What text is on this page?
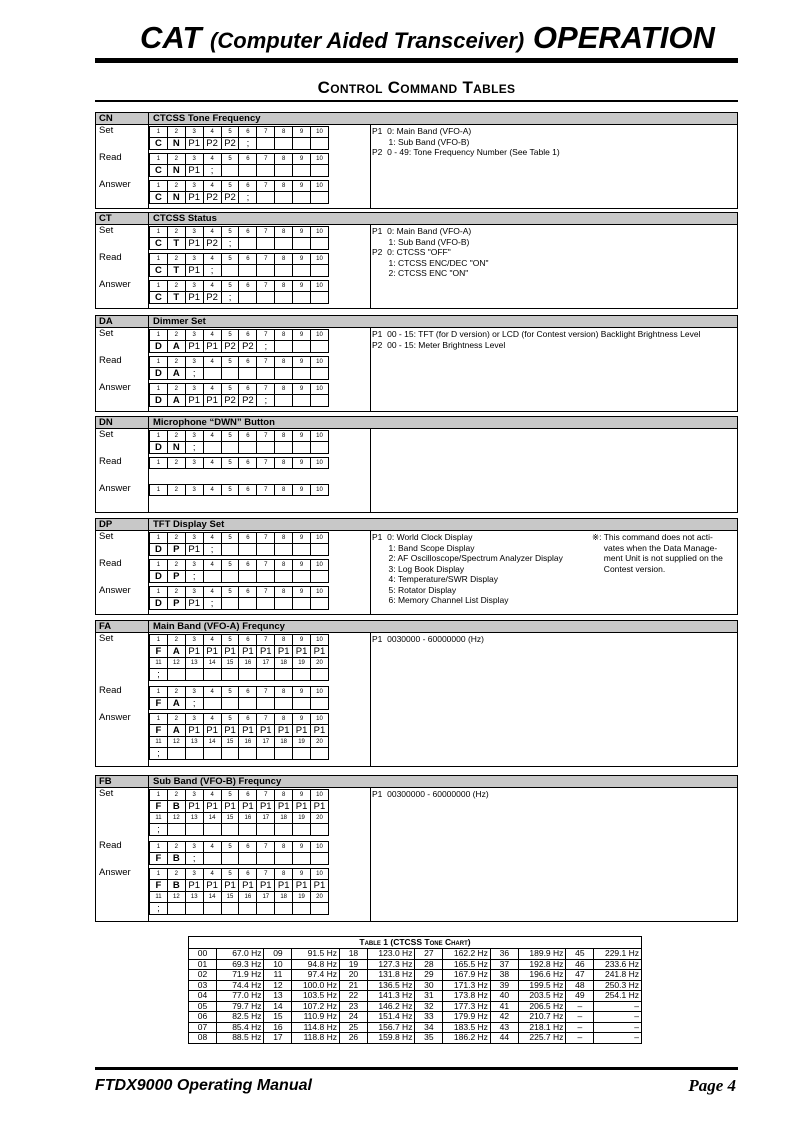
CAT (Computer Aided Transceiver) OPERATION
Control Command Tables
CN	CTCSS Tone Frequency
Set	1	2	3	4	5	6	7	8	9	10
C	N	P1	P2	P2	;				
Read	1	2	3	4	5	6	7	8	9	10
C	N	P1	;						
Answer	1	2	3	4	5	6	7	8	9	10
C	N	P1	P2	P2	;				
P1  0: Main Band (VFO-A)
1: Sub Band (VFO-B)
P2  0 - 49: Tone Frequency Number (See Table 1)
CT	CTCSS Status
Set	1	2	3	4	5	6	7	8	9	10
C	T	P1	P2	;					
Read	1	2	3	4	5	6	7	8	9	10
C	T	P1	;						
Answer	1	2	3	4	5	6	7	8	9	10
C	T	P1	P2	;					
P1  0: Main Band (VFO-A)
1: Sub Band (VFO-B)
P2  0: CTCSS "OFF"
1: CTCSS ENC/DEC "ON"
2: CTCSS ENC "ON"
DA	Dimmer Set
Set	1	2	3	4	5	6	7	8	9	10
D	A	P1	P1	P2	P2	;			
Read	1	2	3	4	5	6	7	8	9	10
D	A	;							
Answer	1	2	3	4	5	6	7	8	9	10
D	A	P1	P1	P2	P2	;			
P1  00 - 15: TFT (for D version) or LCD (for Contest version) Backlight Brightness Level
P2  00 - 15: Meter Brightness Level
DN	Microphone “DWN” Button
Set	1	2	3	4	5	6	7	8	9	10
D	N	;							
Read	1	2	3	4	5	6	7	8	9	10
Answer	1	2	3	4	5	6	7	8	9	10
DP	TFT Display Set
Set	1	2	3	4	5	6	7	8	9	10
D	P	P1	;						
Read	1	2	3	4	5	6	7	8	9	10
D	P	;							
Answer	1	2	3	4	5	6	7	8	9	10
D	P	P1	;						
P1  0: World Clock Display
1: Band Scope Display
2: AF Oscilloscope/Spectrum Analyzer Display
3: Log Book Display
4: Temperature/SWR Display
5: Rotator Display
6: Memory Channel List Display
※: This command does not acti-
vates when the Data Manage-
ment Unit is not supplied on the
Contest version.
FA	Main Band (VFO-A) Frequncy
Set	1	2	3	4	5	6	7	8	9	10
F	A	P1	P1	P1	P1	P1	P1	P1	P1
11	12	13	14	15	16	17	18	19	20
;									
Read	1	2	3	4	5	6	7	8	9	10
F	A	;							
Answer	1	2	3	4	5	6	7	8	9	10
F	A	P1	P1	P1	P1	P1	P1	P1	P1
11	12	13	14	15	16	17	18	19	20
;									
P1  0030000 - 60000000 (Hz)
FB	Sub Band (VFO-B) Frequncy
Set	1	2	3	4	5	6	7	8	9	10
F	B	P1	P1	P1	P1	P1	P1	P1	P1
11	12	13	14	15	16	17	18	19	20
;									
Read	1	2	3	4	5	6	7	8	9	10
F	B	;							
Answer	1	2	3	4	5	6	7	8	9	10
F	B	P1	P1	P1	P1	P1	P1	P1	P1
11	12	13	14	15	16	17	18	19	20
;									
P1  00300000 - 60000000 (Hz)
Table 1 (CTCSS Tone Chart)
00	67.0 Hz	09	91.5 Hz	18	123.0 Hz	27	162.2 Hz	36	189.9 Hz	45	229.1 Hz
01	69.3 Hz	10	94.8 Hz	19	127.3 Hz	28	165.5 Hz	37	192.8 Hz	46	233.6 Hz
02	71.9 Hz	11	97.4 Hz	20	131.8 Hz	29	167.9 Hz	38	196.6 Hz	47	241.8 Hz
03	74.4 Hz	12	100.0 Hz	21	136.5 Hz	30	171.3 Hz	39	199.5 Hz	48	250.3 Hz
04	77.0 Hz	13	103.5 Hz	22	141.3 Hz	31	173.8 Hz	40	203.5 Hz	49	254.1 Hz
05	79.7 Hz	14	107.2 Hz	23	146.2 Hz	32	177.3 Hz	41	206.5 Hz	–	–
06	82.5 Hz	15	110.9 Hz	24	151.4 Hz	33	179.9 Hz	42	210.7 Hz	–	–
07	85.4 Hz	16	114.8 Hz	25	156.7 Hz	34	183.5 Hz	43	218.1 Hz	–	–
08	88.5 Hz	17	118.8 Hz	26	159.8 Hz	35	186.2 Hz	44	225.7 Hz	–	–
FTDX9000 Operating Manual	Page 4
